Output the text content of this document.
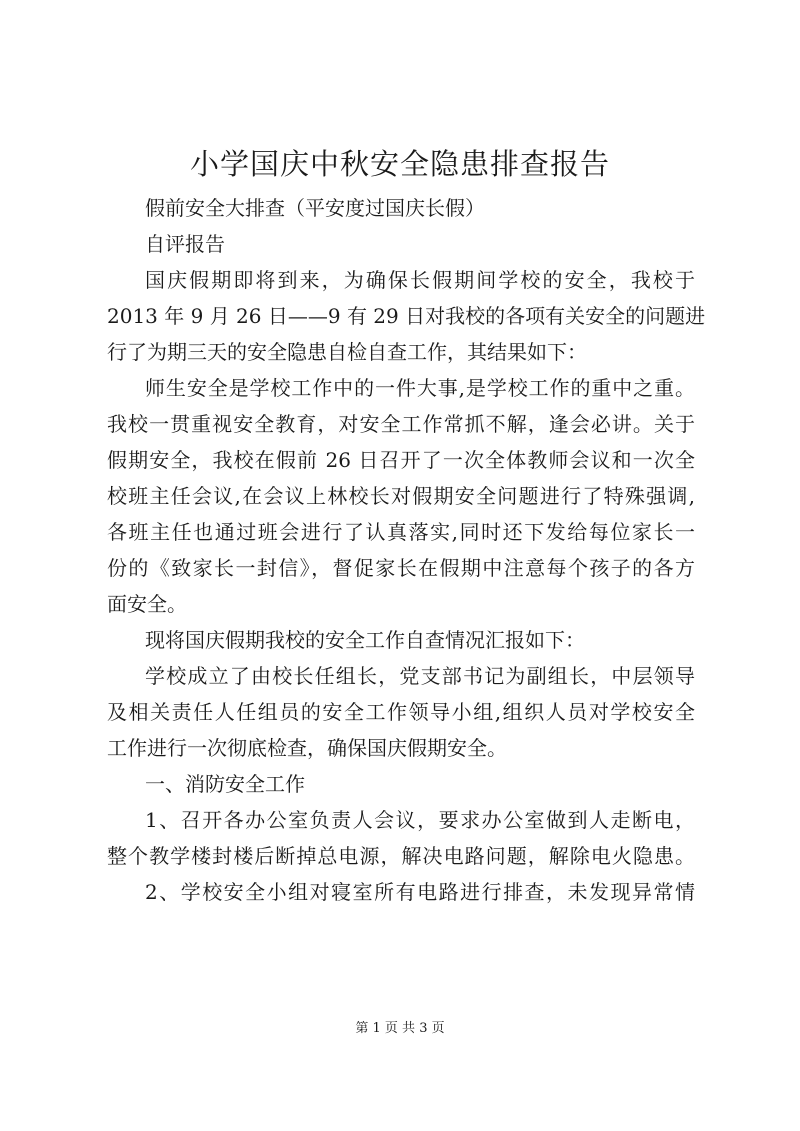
小学国庆中秋安全隐患排查报告
假前安全大排查（平安度过国庆长假）
自评报告
国庆假期即将到来，为确保长假期间学校的安全，我校于
2013 年 9 月 26 日——9 有 29 日对我校的各项有关安全的问题进
行了为期三天的安全隐患自检自查工作，其结果如下：
师生安全是学校工作中的一件大事,是学校工作的重中之重。
我校一贯重视安全教育，对安全工作常抓不解，逢会必讲。关于
假期安全，我校在假前 26 日召开了一次全体教师会议和一次全
校班主任会议,在会议上林校长对假期安全问题进行了特殊强调,
各班主任也通过班会进行了认真落实,同时还下发给每位家长一
份的《致家长一封信》，督促家长在假期中注意每个孩子的各方
面安全。
现将国庆假期我校的安全工作自查情况汇报如下：
学校成立了由校长任组长，党支部书记为副组长，中层领导
及相关责任人任组员的安全工作领导小组,组织人员对学校安全
工作进行一次彻底检查，确保国庆假期安全。
一、消防安全工作
1、召开各办公室负责人会议，要求办公室做到人走断电，
整个教学楼封楼后断掉总电源，解决电路问题，解除电火隐患。
2、学校安全小组对寝室所有电路进行排查，未发现异常情
第 1 页 共 3 页
